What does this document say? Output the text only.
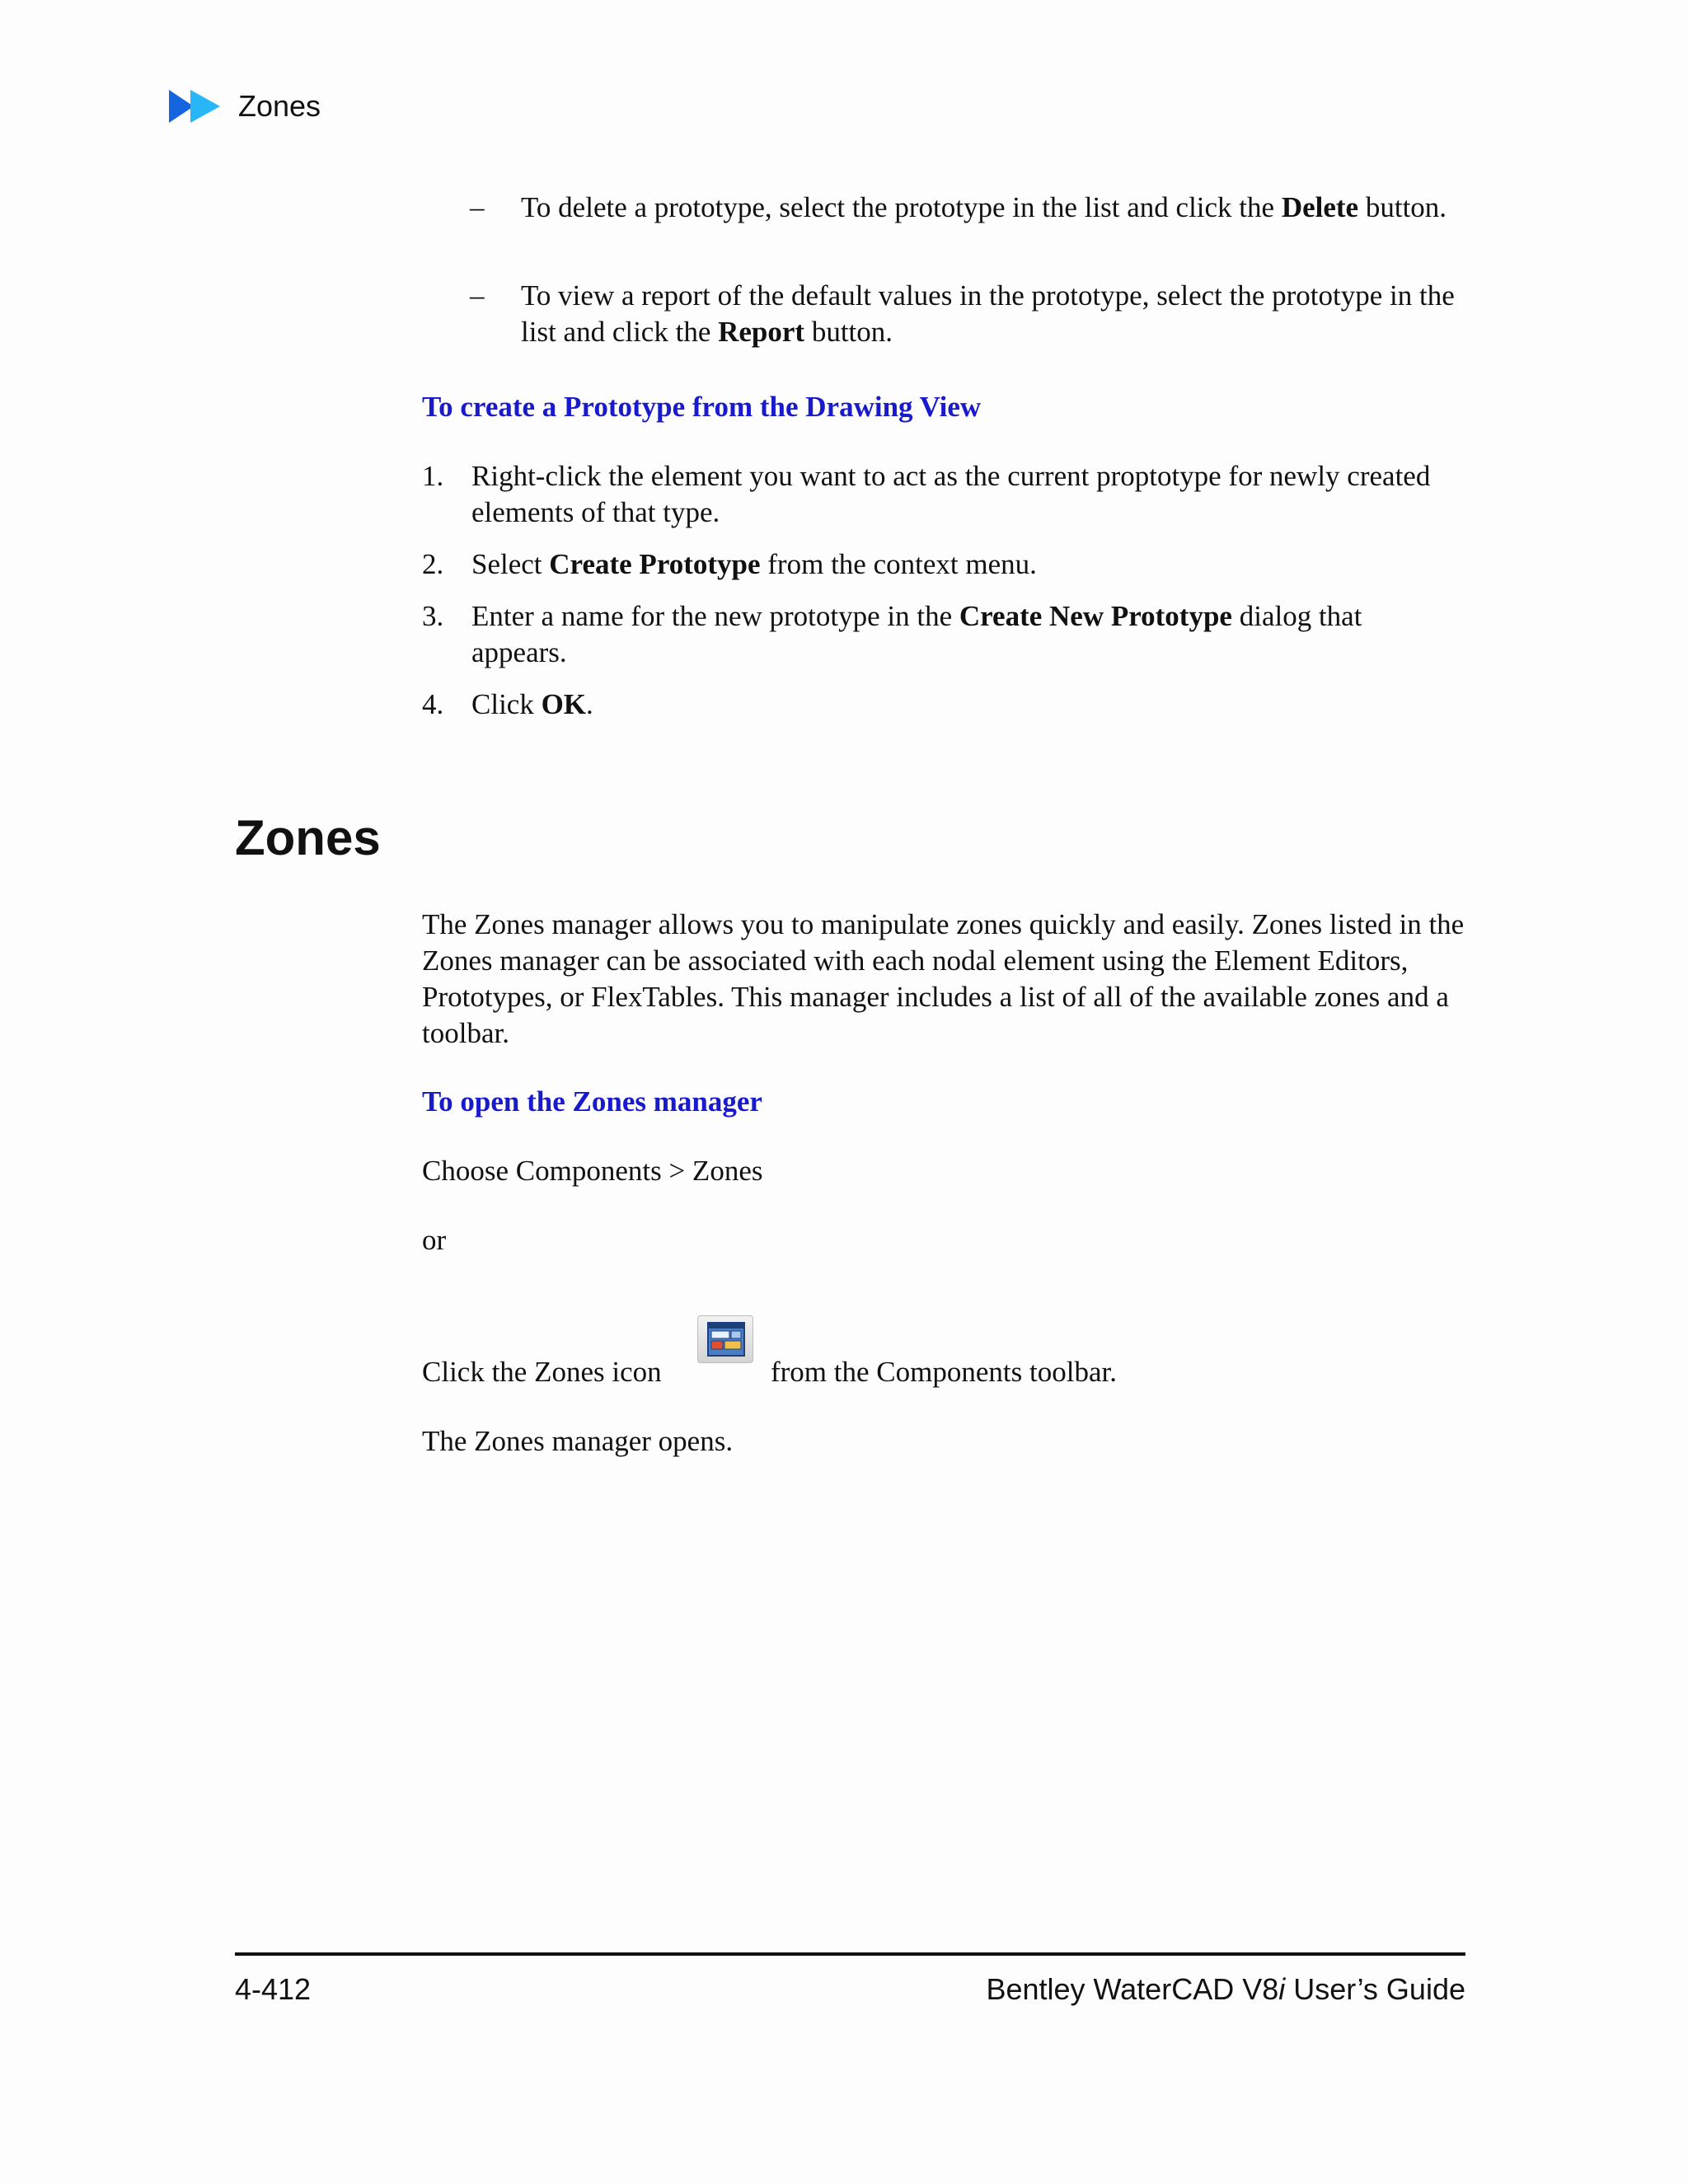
Zones
– To delete a prototype, select the prototype in the list and click the Delete button.
– To view a report of the default values in the prototype, select the prototype in the list and click the Report button.
To create a Prototype from the Drawing View
1. Right-click the element you want to act as the current proptotype for newly created elements of that type.
2. Select Create Prototype from the context menu.
3. Enter a name for the new prototype in the Create New Prototype dialog that appears.
4. Click OK.
Zones

The Zones manager allows you to manipulate zones quickly and easily. Zones listed in the Zones manager can be associated with each nodal element using the Element Editors, Prototypes, or FlexTables. This manager includes a list of all of the available zones and a toolbar.

To open the Zones manager

Choose Components > Zones

or

Click the Zones icon	from the Components toolbar.

The Zones manager opens.

4-412	Bentley WaterCAD V8i User’s Guide
